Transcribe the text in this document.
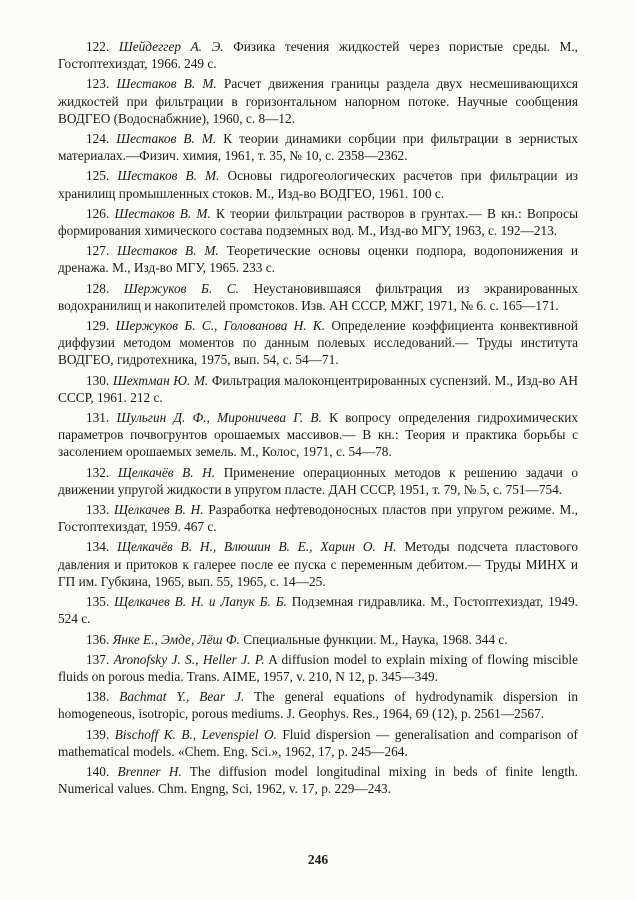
122. Шейдеггер А. Э. Физика течения жидкостей через пористые среды. М., Гостоптехиздат, 1966. 249 с.
123. Шестаков В. М. Расчет движения границы раздела двух несмешивающихся жидкостей при фильтрации в горизонтальном напорном потоке. Научные сообщения ВОДГЕО (Водоснабжние), 1960, с. 8—12.
124. Шестаков В. М. К теории динамики сорбции при фильтрации в зернистых материалах.—Физич. химия, 1961, т. 35, № 10, с. 2358—2362.
125. Шестаков В. М. Основы гидрогеологических расчетов при фильтрации из хранилищ промышленных стоков. М., Изд-во ВОДГЕО, 1961. 100 с.
126. Шестаков В. М. К теории фильтрации растворов в грунтах.— В кн.: Вопросы формирования химического состава подземных вод. М., Изд-во МГУ, 1963, с. 192—213.
127. Шестаков В. М. Теоретические основы оценки подпора, водопонижения и дренажа. М., Изд-во МГУ, 1965. 233 с.
128. Шержуков Б. С. Неустановившаяся фильтрация из экранированных водохранилищ и накопителей промстоков. Изв. АН СССР, МЖГ, 1971, № 6. с. 165—171.
129. Шержуков Б. С., Голованова Н. К. Определение коэффициента конвективной диффузии методом моментов по данным полевых исследований.— Труды института ВОДГЕО, гидротехника, 1975, вып. 54, с. 54—71.
130. Шехтман Ю. М. Фильтрация малоконцентрированных суспензий. М., Изд-во АН СССР, 1961. 212 с.
131. Шульгин Д. Ф., Мироничева Г. В. К вопросу определения гидрохимических параметров почвогрунтов орошаемых массивов.— В кн.: Теория и практика борьбы с засолением орошаемых земель. М., Колос, 1971, с. 54—78.
132. Щелкачёв В. Н. Применение операционных методов к решению задачи о движении упругой жидкости в упругом пласте. ДАН СССР, 1951, т. 79, № 5, с. 751—754.
133. Щелкачев В. Н. Разработка нефтеводоносных пластов при упругом режиме. М., Гостоптехиздат, 1959. 467 с.
134. Щелкачёв В. Н., Влюшин В. Е., Харин О. Н. Методы подсчета пластового давления и притоков к галерее после ее пуска с переменным дебитом.— Труды МИНХ и ГП им. Губкина, 1965, вып. 55, 1965, с. 14—25.
135. Щелкачев В. Н. и Лапук Б. Б. Подземная гидравлика. М., Гостоптехиздат, 1949. 524 с.
136. Янке Е., Эмде, Лёш Ф. Специальные функции. М., Наука, 1968. 344 с.
137. Aronofsky J. S., Heller J. P. A diffusion model to explain mixing of flowing miscible fluids on porous media. Trans. AIME, 1957, v. 210, N 12, p. 345—349.
138. Bachmat Y., Bear J. The general equations of hydrodynamik dispersion in homogeneous, isotropic, porous mediums. J. Geophys. Res., 1964, 69 (12), p. 2561—2567.
139. Bischoff K. B., Levenspiel O. Fluid dispersion — generalisation and comparison of mathematical models. «Chem. Eng. Sci.», 1962, 17, p. 245—264.
140. Brenner H. The diffusion model longitudinal mixing in beds of finite length. Numerical values. Chm. Engng, Sci, 1962, v. 17, p. 229—243.
246
